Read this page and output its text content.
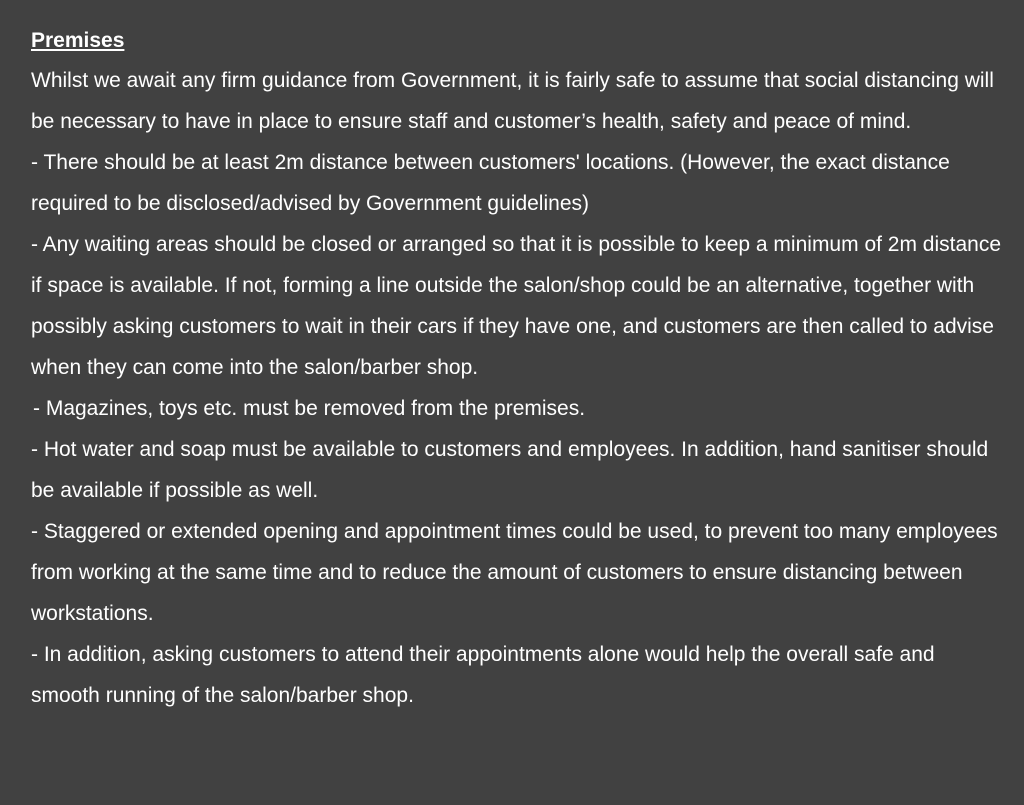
Premises

Whilst we await any firm guidance from Government, it is fairly safe to assume that social distancing will be necessary to have in place to ensure staff and customer’s health, safety and peace of mind.

- There should be at least 2m distance between customers' locations. (However, the exact distance required to be disclosed/advised by Government guidelines)

- Any waiting areas should be closed or arranged so that it is possible to keep a minimum of 2m distance if space is available. If not, forming a line outside the salon/shop could be an alternative, together with possibly asking customers to wait in their cars if they have one, and customers are then called to advise when they can come into the salon/barber shop.

- Magazines, toys etc. must be removed from the premises.

- Hot water and soap must be available to customers and employees. In addition, hand sanitiser should be available if possible as well.

- Staggered or extended opening and appointment times could be used, to prevent too many employees from working at the same time and to reduce the amount of customers to ensure distancing between workstations.

- In addition, asking customers to attend their appointments alone would help the overall safe and smooth running of the salon/barber shop.
